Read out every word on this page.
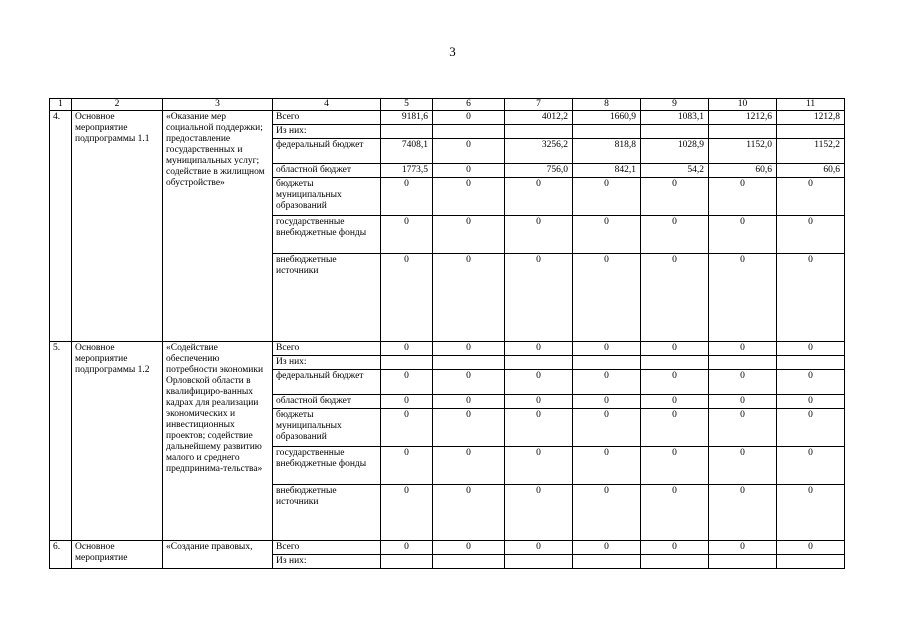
3
1	2	3	4	5	6	7	8	9	10	11
4.	Основное мероприятие подпрограммы 1.1	«Оказание мер социальной поддержки; предоставление государственных и муниципальных услуг; содействие в жилищном обустройстве»	Всего	9181,6	0	4012,2	1660,9	1083,1	1212,6	1212,8
			Из них:							
			федеральный бюджет	7408,1	0	3256,2	818,8	1028,9	1152,0	1152,2
			областной бюджет	1773,5	0	756,0	842,1	54,2	60,6	60,6
			бюджеты муниципальных образований	0	0	0	0	0	0	0
			государственные внебюджетные фонды	0	0	0	0	0	0	0
			внебюджетные источники	0	0	0	0	0	0	0
5.	Основное мероприятие подпрограммы 1.2	«Содействие обеспечению потребности экономики Орловской области в квалифициро-ванных кадрах для реализации экономических и инвестиционных проектов; содействие дальнейшему развитию малого и среднего предпринима-тельства»	Всего	0	0	0	0	0	0	0
			Из них:							
			федеральный бюджет	0	0	0	0	0	0	0
			областной бюджет	0	0	0	0	0	0	0
			бюджеты муниципальных образований	0	0	0	0	0	0	0
			государственные внебюджетные фонды	0	0	0	0	0	0	0
			внебюджетные источники	0	0	0	0	0	0	0
6.	Основное мероприятие	«Создание правовых,	Всего	0	0	0	0	0	0	0
			Из них:							
